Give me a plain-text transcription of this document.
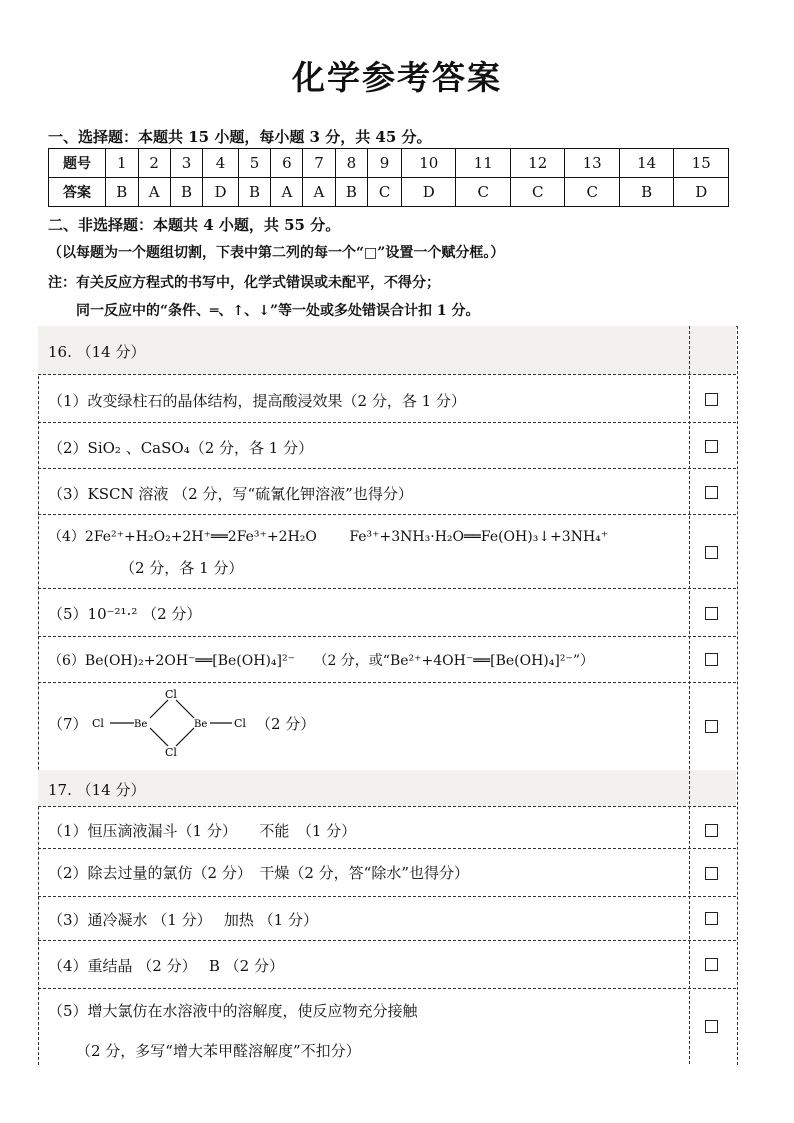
化学参考答案
一、选择题：本题共 15 小题，每小题 3 分，共 45 分。
题号	1	2	3	4	5	6	7	8	9	10	11	12	13	14	15
答案	B	A	B	D	B	A	A	B	C	D	C	C	C	B	D
二、非选择题：本题共 4 小题，共 55 分。
（以每题为一个题组切割，下表中第二列的每一个“□”设置一个赋分框。）
注：有关反应方程式的书写中，化学式错误或未配平，不得分；
同一反应中的“条件、═、↑、↓”等一处或多处错误合计扣 1 分。
16. （14 分）
（1）改变绿柱石的晶体结构，提高酸浸效果（2 分，各 1 分）
（2）SiO₂ 、CaSO₄（2 分，各 1 分）
（3）KSCN 溶液 （2 分，写“硫氰化钾溶液”也得分）
（4）2Fe²⁺+H₂O₂+2H⁺══2Fe³⁺+2H₂O　　 Fe³⁺+3NH₃·H₂O══Fe(OH)₃↓+3NH₄⁺
（2 分，各 1 分）
（5）10⁻²¹·² （2 分）
（6）Be(OH)₂+2OH⁻══[Be(OH)₄]²⁻　 （2 分，或“Be²⁺+4OH⁻══[Be(OH)₄]²⁻”）
（7） Cl	Be
Cl
Cl
Be Cl （2 分）
17. （14 分）
（1）恒压滴液漏斗（1 分）　　不能　（1 分）
（2）除去过量的氯仿（2 分）　干燥（2 分，答“除水”也得分）
（3）通冷凝水 （1 分）　 加热 （1 分）
（4）重结晶 （2 分）　 B （2 分）
（5）增大氯仿在水溶液中的溶解度，使反应物充分接触
（2 分，多写“增大苯甲醛溶解度”不扣分）
